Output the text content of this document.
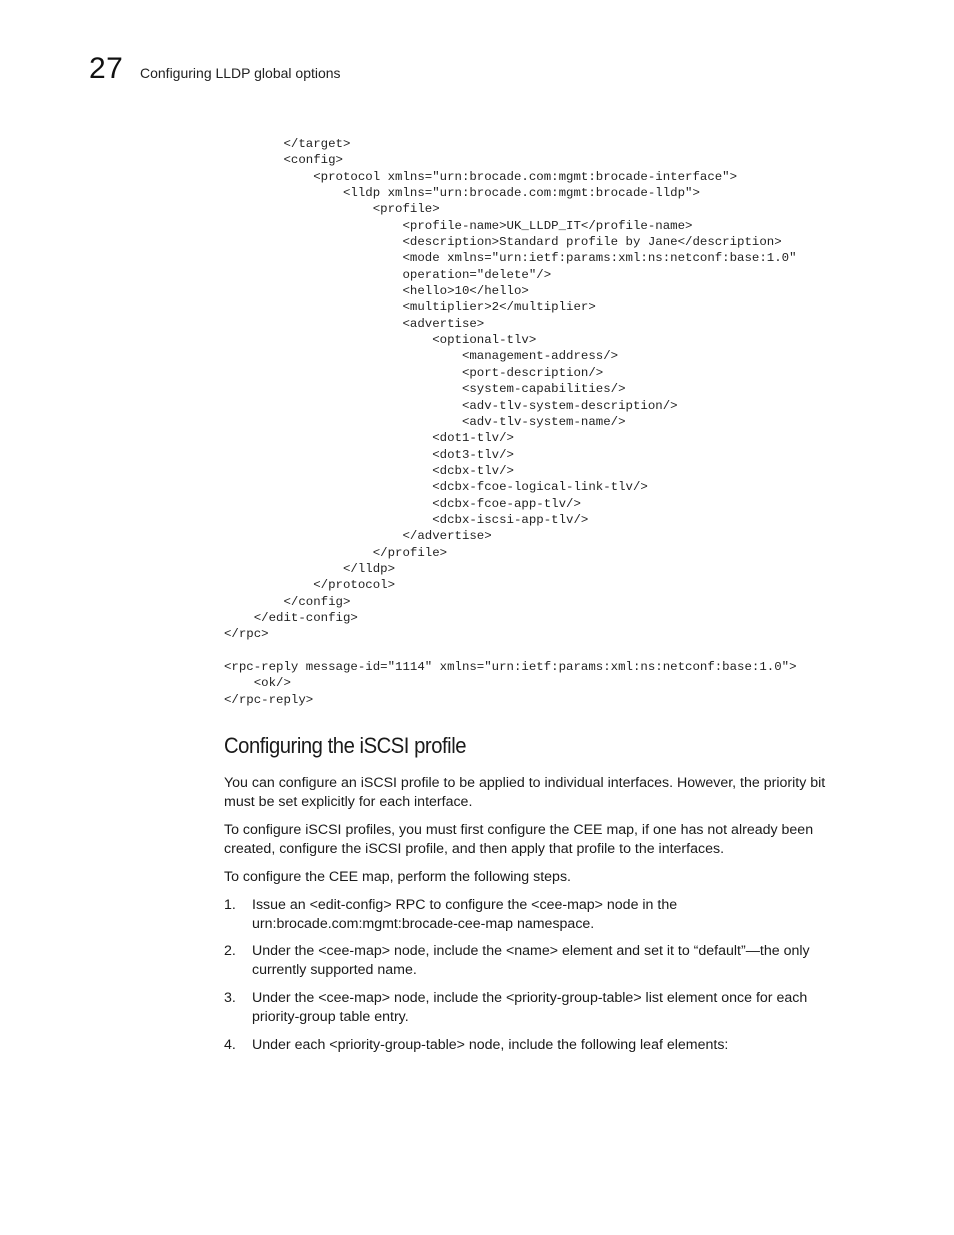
27 Configuring LLDP global options
</target>
<config>
<protocol xmlns="urn:brocade.com:mgmt:brocade-interface">
<lldp xmlns="urn:brocade.com:mgmt:brocade-lldp">
<profile>
<profile-name>UK_LLDP_IT</profile-name>
<description>Standard profile by Jane</description>
<mode xmlns="urn:ietf:params:xml:ns:netconf:base:1.0"
operation="delete"/>
<hello>10</hello>
<multiplier>2</multiplier>
<advertise>
<optional-tlv>
<management-address/>
<port-description/>
<system-capabilities/>
<adv-tlv-system-description/>
<adv-tlv-system-name/>
<dot1-tlv/>
<dot3-tlv/>
<dcbx-tlv/>
<dcbx-fcoe-logical-link-tlv/>
<dcbx-fcoe-app-tlv/>
<dcbx-iscsi-app-tlv/>
</advertise>
</profile>
</lldp>
</protocol>
</config>
</edit-config>
</rpc>

<rpc-reply message-id="1114" xmlns="urn:ietf:params:xml:ns:netconf:base:1.0">
<ok/>
</rpc-reply>
Configuring the iSCSI profile

You can configure an iSCSI profile to be applied to individual interfaces. However, the priority bit must be set explicitly for each interface.

To configure iSCSI profiles, you must first configure the CEE map, if one has not already been created, configure the iSCSI profile, and then apply that profile to the interfaces.

To configure the CEE map, perform the following steps.

1. Issue an <edit-config> RPC to configure the <cee-map> node in the urn:brocade.com:mgmt:brocade-cee-map namespace.
2. Under the <cee-map> node, include the <name> element and set it to “default”—the only currently supported name.
3. Under the <cee-map> node, include the <priority-group-table> list element once for each priority-group table entry.
4. Under each <priority-group-table> node, include the following leaf elements:
